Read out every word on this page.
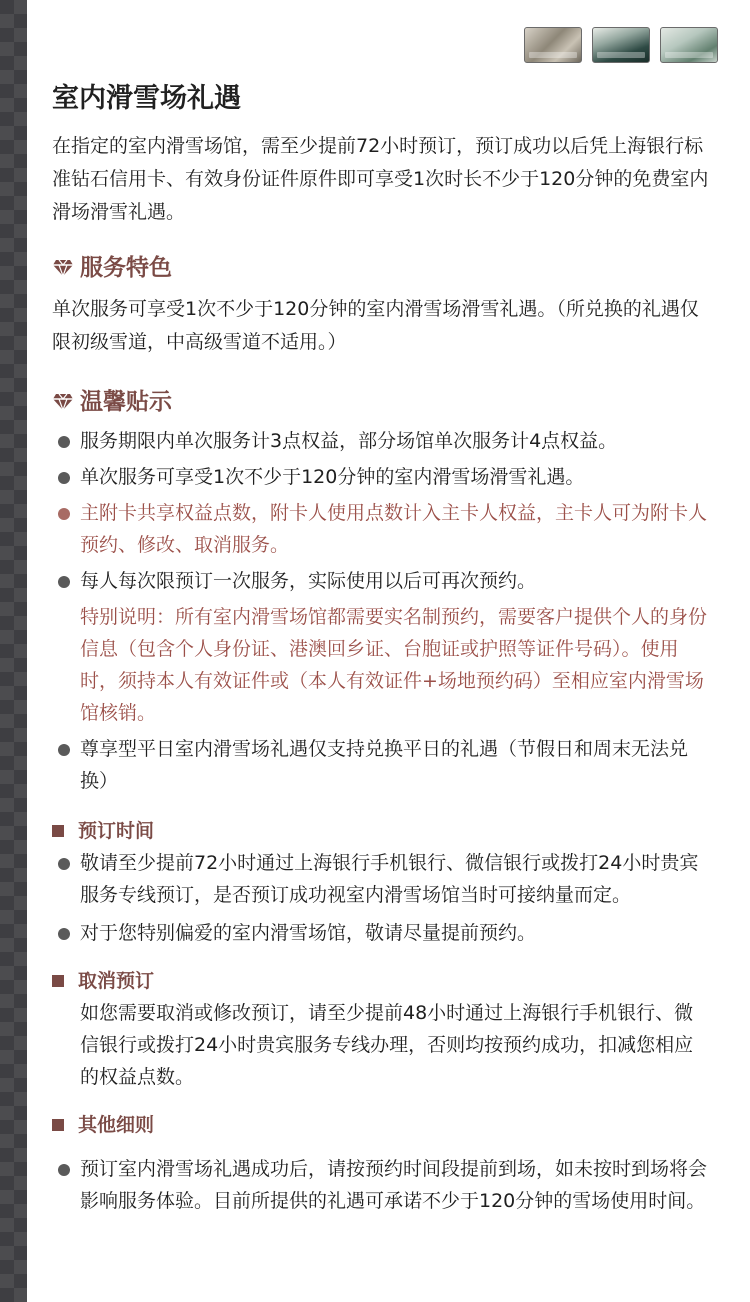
室内滑雪场礼遇

在指定的室内滑雪场馆，需至少提前72小时预订，预订成功以后凭上海银行标准钻石信用卡、有效身份证件原件即可享受1次时长不少于120分钟的免费室内滑场滑雪礼遇。

服务特色

单次服务可享受1次不少于120分钟的室内滑雪场滑雪礼遇。（所兑换的礼遇仅限初级雪道，中高级雪道不适用。）

温馨贴示
服务期限内单次服务计3点权益，部分场馆单次服务计4点权益。
单次服务可享受1次不少于120分钟的室内滑雪场滑雪礼遇。
主附卡共享权益点数，附卡人使用点数计入主卡人权益，主卡人可为附卡人预约、修改、取消服务。
每人每次限预订一次服务，实际使用以后可再次预约。

特别说明：所有室内滑雪场馆都需要实名制预约，需要客户提供个人的身份信息（包含个人身份证、港澳回乡证、台胞证或护照等证件号码）。使用时，须持本人有效证件或（本人有效证件+场地预约码）至相应室内滑雪场馆核销。

尊享型平日室内滑雪场礼遇仅支持兑换平日的礼遇（节假日和周末无法兑换）
预订时间
敬请至少提前72小时通过上海银行手机银行、微信银行或拨打24小时贵宾服务专线预订，是否预订成功视室内滑雪场馆当时可接纳量而定。
对于您特别偏爱的室内滑雪场馆，敬请尽量提前预约。
取消预订

如您需要取消或修改预订，请至少提前48小时通过上海银行手机银行、微信银行或拨打24小时贵宾服务专线办理，否则均按预约成功，扣减您相应的权益点数。

其他细则
预订室内滑雪场礼遇成功后，请按预约时间段提前到场，如未按时到场将会影响服务体验。目前所提供的礼遇可承诺不少于120分钟的雪场使用时间。
